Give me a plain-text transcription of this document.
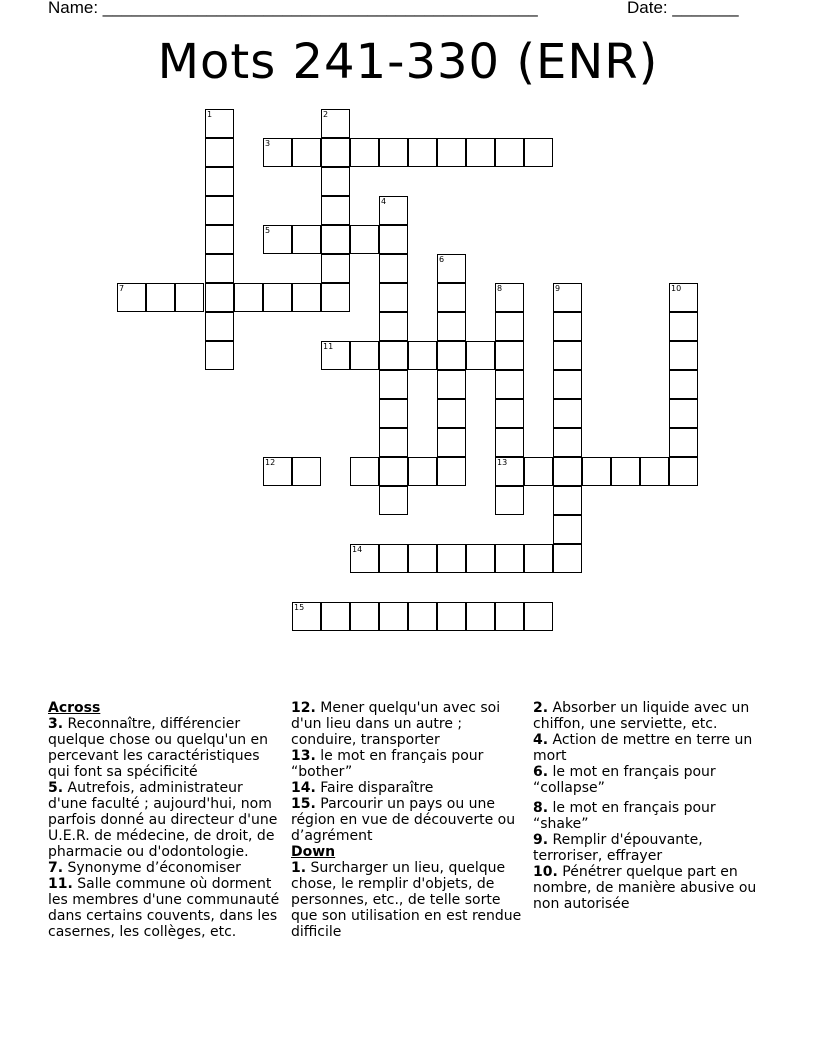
Name: ______________________________________________	Date: _______
Mots 241-330 (ENR)
1	2
3
5
4
6
7	8
13
9	10
11
12
14
15
Across
3. Reconnaître, différencier quelque chose ou quelqu'un en percevant les caractéristiques qui font sa spécificité
5. Autrefois, administrateur d'une faculté ; aujourd'hui, nom parfois donné au directeur d'une U.E.R. de médecine, de droit, de pharmacie ou d'odontologie.
7. Synonyme d’économiser
11. Salle commune où dorment les membres d'une communauté dans certains couvents, dans les casernes, les collèges, etc.
12. Mener quelqu'un avec soi d'un lieu dans un autre ; conduire, transporter
13. le mot en français pour “bother”
14. Faire disparaître
15. Parcourir un pays ou une région en vue de découverte ou d’agrément
Down
1. Surcharger un lieu, quelque chose, le remplir d'objets, de personnes, etc., de telle sorte que son utilisation en est rendue difficile
2. Absorber un liquide avec un chiffon, une serviette, etc.
4. Action de mettre en terre un mort
6. le mot en français pour “collapse”
8. le mot en français pour “shake”
9. Remplir d'épouvante, terroriser, effrayer
10. Pénétrer quelque part en nombre, de manière abusive ou non autorisée
